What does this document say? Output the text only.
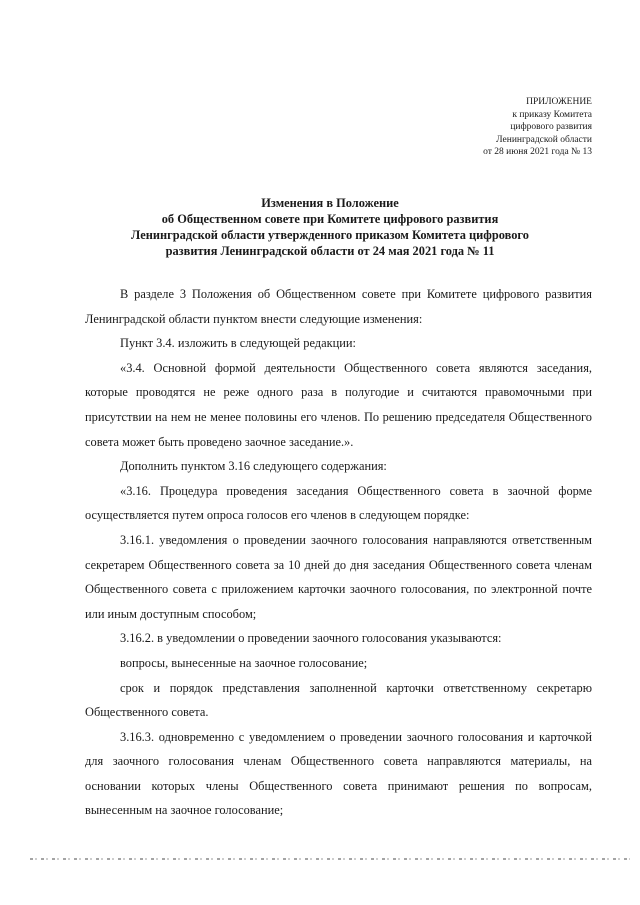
ПРИЛОЖЕНИЕ
к приказу Комитета
цифрового развития
Ленинградской области
от 28 июня 2021 года № 13
Изменения в Положение
об Общественном совете при Комитете цифрового развития
Ленинградской области утвержденного приказом Комитета цифрового
развития Ленинградской области от 24 мая 2021 года № 11

В разделе 3 Положения об Общественном совете при Комитете цифрового развития Ленинградской области пунктом внести следующие изменения:

Пункт 3.4. изложить в следующей редакции:

«3.4. Основной формой деятельности Общественного совета являются заседания, которые проводятся не реже одного раза в полугодие и считаются правомочными при присутствии на нем не менее половины его членов. По решению председателя Общественного совета может быть проведено заочное заседание.».

Дополнить пунктом 3.16 следующего содержания:

«3.16. Процедура проведения заседания Общественного совета в заочной форме осуществляется путем опроса голосов его членов в следующем порядке:

3.16.1. уведомления о проведении заочного голосования направляются ответственным секретарем Общественного совета за 10 дней до дня заседания Общественного совета членам Общественного совета с приложением карточки заочного голосования, по электронной почте или иным доступным способом;

3.16.2. в уведомлении о проведении заочного голосования указываются:

вопросы, вынесенные на заочное голосование;

срок и порядок представления заполненной карточки ответственному секретарю Общественного совета.

3.16.3. одновременно с уведомлением о проведении заочного голосования и карточкой для заочного голосования членам Общественного совета направляются материалы, на основании которых члены Общественного совета принимают решения по вопросам, вынесенным на заочное голосование;
